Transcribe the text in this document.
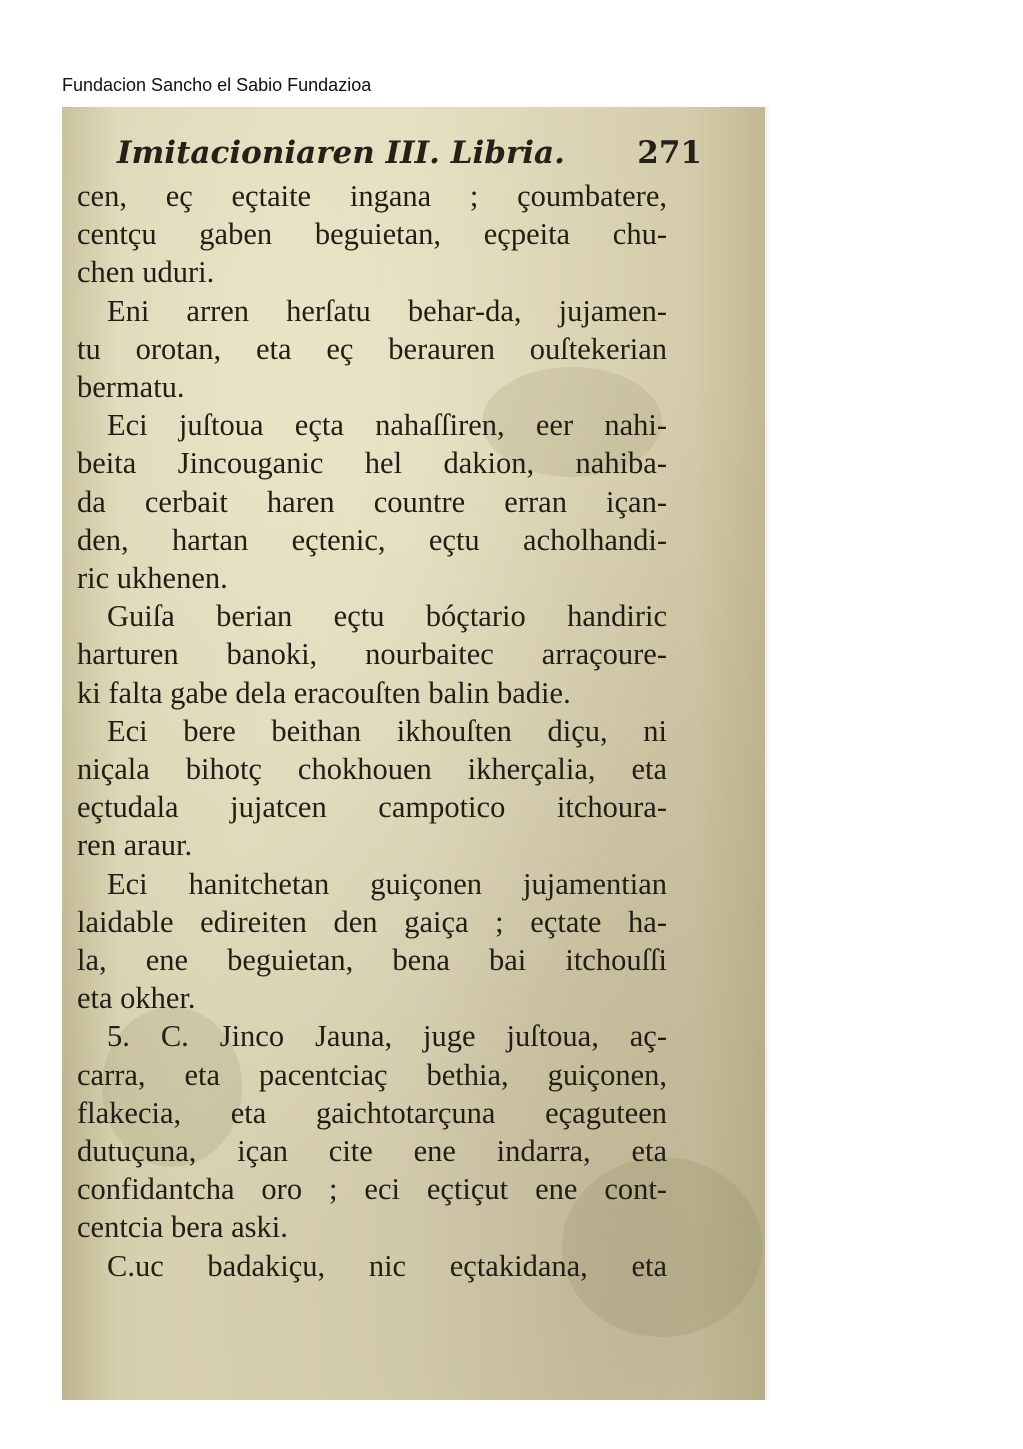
Fundacion Sancho el Sabio Fundazioa
Imitacioniaren III. Libria. 271
cen, eç eçtaite ingana ; çoumbatere,
centçu gaben beguietan, eçpeita chu-
chen uduri.
Eni arren herſatu behar-da, jujamen-
tu orotan, eta eç berauren ouſtekerian
bermatu.
Eci juſtoua eçta nahaſſiren, eer nahi-
beita Jincouganic hel dakion, nahiba-
da cerbait haren countre erran içan-
den, hartan eçtenic, eçtu acholhandi-
ric ukhenen.
Guiſa berian eçtu bóçtario handiric
harturen banoki, nourbaitec arraçoure-
ki falta gabe dela eracouſten balin badie.
Eci bere beithan ikhouſten diçu, ni
niçala bihotç chokhouen ikherçalia, eta
eçtudala jujatcen campotico itchoura-
ren araur.
Eci hanitchetan guiçonen jujamentian
laidable edireiten den gaiça ; eçtate ha-
la, ene beguietan, bena bai itchouſſi
eta okher.
5. C. Jinco Jauna, juge juſtoua, aç-
carra, eta pacentciaç bethia, guiçonen,
flakecia, eta gaichtotarçuna eçaguteen
dutuçuna, içan cite ene indarra, eta
confidantcha oro ; eci eçtiçut ene cont-
centcia bera aski.
C.uc badakiçu, nic eçtakidana, eta
